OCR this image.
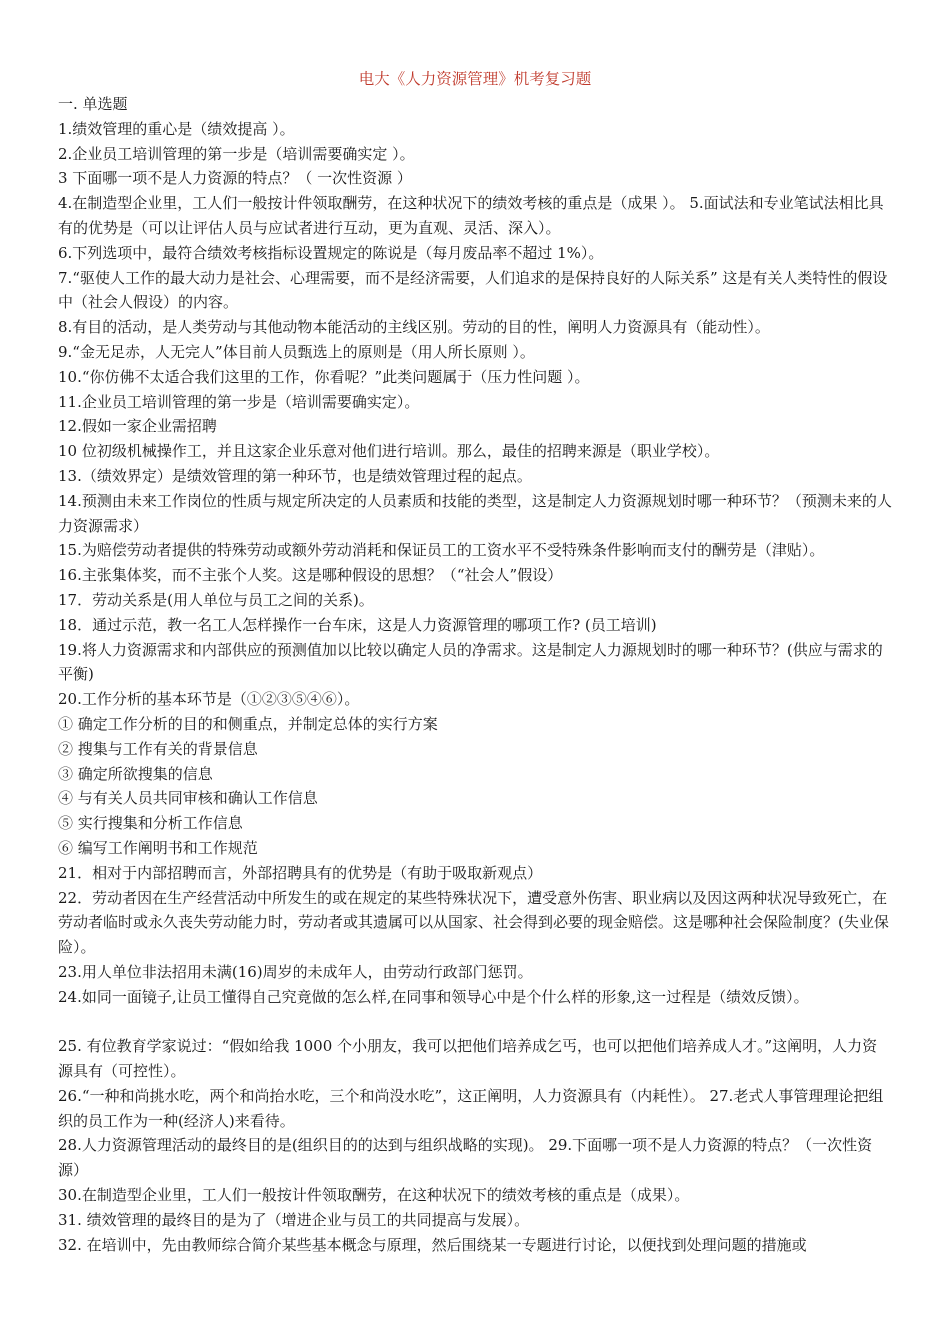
电大《人力资源管理》机考复习题
一. 单选题
1.绩效管理的重心是（绩效提高 ）。
2.企业员工培训管理的第一步是（培训需要确实定 ）。
3 下面哪一项不是人力资源的特点？（ 一次性资源 ）
4.在制造型企业里，工人们一般按计件领取酬劳，在这种状况下的绩效考核的重点是（成果 ）。 5.面试法和专业笔试法相比具有的优势是（可以让评估人员与应试者进行互动，更为直观、灵活、深入）。
6.下列选项中，最符合绩效考核指标设置规定的陈说是（每月废品率不超过 1%）。
7.“驱使人工作的最大动力是社会、心理需要，而不是经济需要，人们追求的是保持良好的人际关系” 这是有关人类特性的假设中（社会人假设）的内容。
8.有目的活动，是人类劳动与其他动物本能活动的主线区别。劳动的目的性，阐明人力资源具有（能动性）。
9.“金无足赤，人无完人”体目前人员甄选上的原则是（用人所长原则 ）。
10.“你仿佛不太适合我们这里的工作，你看呢？”此类问题属于（压力性问题 ）。
11.企业员工培训管理的第一步是（培训需要确实定）。
12.假如一家企业需招聘
10 位初级机械操作工，并且这家企业乐意对他们进行培训。那么，最佳的招聘来源是（职业学校）。
13.（绩效界定）是绩效管理的第一种环节，也是绩效管理过程的起点。
14.预测由未来工作岗位的性质与规定所决定的人员素质和技能的类型，这是制定人力资源规划时哪一种环节？（预测未来的人力资源需求）
15.为赔偿劳动者提供的特殊劳动或额外劳动消耗和保证员工的工资水平不受特殊条件影响而支付的酬劳是（津贴）。
16.主张集体奖，而不主张个人奖。这是哪种假设的思想？（“社会人”假设）
17．劳动关系是(用人单位与员工之间的关系)。
18．通过示范，教一名工人怎样操作一台车床，这是人力资源管理的哪项工作? (员工培训)
19.将人力资源需求和内部供应的预测值加以比较以确定人员的净需求。这是制定人力源规划时的哪一种环节？(供应与需求的平衡)
20.工作分析的基本环节是（①②③⑤④⑥）。
① 确定工作分析的目的和侧重点，并制定总体的实行方案
② 搜集与工作有关的背景信息
③ 确定所欲搜集的信息
④ 与有关人员共同审核和确认工作信息
⑤ 实行搜集和分析工作信息
⑥ 编写工作阐明书和工作规范
21．相对于内部招聘而言，外部招聘具有的优势是（有助于吸取新观点）
22．劳动者因在生产经营活动中所发生的或在规定的某些特殊状况下，遭受意外伤害、职业病以及因这两种状况导致死亡，在劳动者临时或永久丧失劳动能力时，劳动者或其遗属可以从国家、社会得到必要的现金赔偿。这是哪种社会保险制度？(失业保险）。
23.用人单位非法招用未满(16)周岁的未成年人，由劳动行政部门惩罚。
24.如同一面镜子,让员工懂得自己究竟做的怎么样,在同事和领导心中是个什么样的形象,这一过程是（绩效反馈）。
25. 有位教育学家说过：“假如给我 1000 个小朋友，我可以把他们培养成乞丐，也可以把他们培养成人才。”这阐明，人力资源具有（可控性）。
26.“一种和尚挑水吃，两个和尚抬水吃，三个和尚没水吃”，这正阐明，人力资源具有（内耗性）。 27.老式人事管理理论把组织的员工作为一种(经济人)来看待。
28.人力资源管理活动的最终目的是(组织目的的达到与组织战略的实现)。 29.下面哪一项不是人力资源的特点？（一次性资源）
30.在制造型企业里，工人们一般按计件领取酬劳，在这种状况下的绩效考核的重点是（成果）。
31. 绩效管理的最终目的是为了（增进企业与员工的共同提高与发展）。
32. 在培训中，先由教师综合简介某些基本概念与原理，然后围绕某一专题进行讨论，以便找到处理问题的措施或
